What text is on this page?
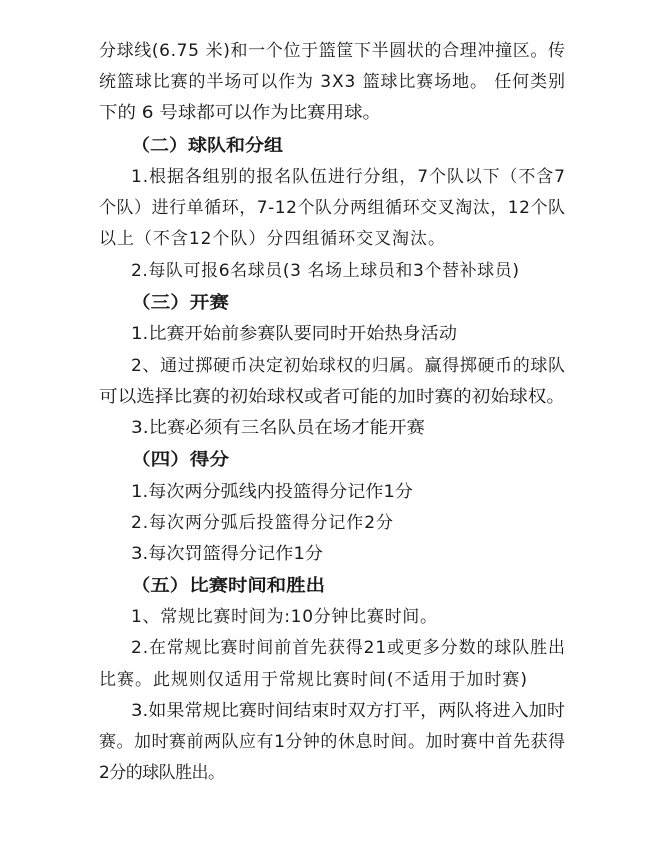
分球线(6.75 米)和一个位于篮筐下半圆状的合理冲撞区。传
统篮球比赛的半场可以作为 3X3 篮球比赛场地。 任何类别
下的 6 号球都可以作为比赛用球。
（二）球队和分组
1.根据各组别的报名队伍进行分组，7个队以下（不含7
个队）进行单循环，7-12个队分两组循环交叉淘汰，12个队
以上（不含12个队）分四组循环交叉淘汰。
2.每队可报6名球员(3 名场上球员和3个替补球员)
（三）开赛
1.比赛开始前参赛队要同时开始热身活动
2、通过掷硬币决定初始球权的归属。赢得掷硬币的球队
可以选择比赛的初始球权或者可能的加时赛的初始球权。
3.比赛必须有三名队员在场才能开赛
（四）得分
1.每次两分弧线内投篮得分记作1分
2.每次两分弧后投篮得分记作2分
3.每次罚篮得分记作1分
（五）比赛时间和胜出
1、常规比赛时间为:10分钟比赛时间。
2.在常规比赛时间前首先获得21或更多分数的球队胜出
比赛。此规则仅适用于常规比赛时间(不适用于加时赛)
3.如果常规比赛时间结束时双方打平，两队将进入加时
赛。加时赛前两队应有1分钟的休息时间。加时赛中首先获得
2分的球队胜出。
